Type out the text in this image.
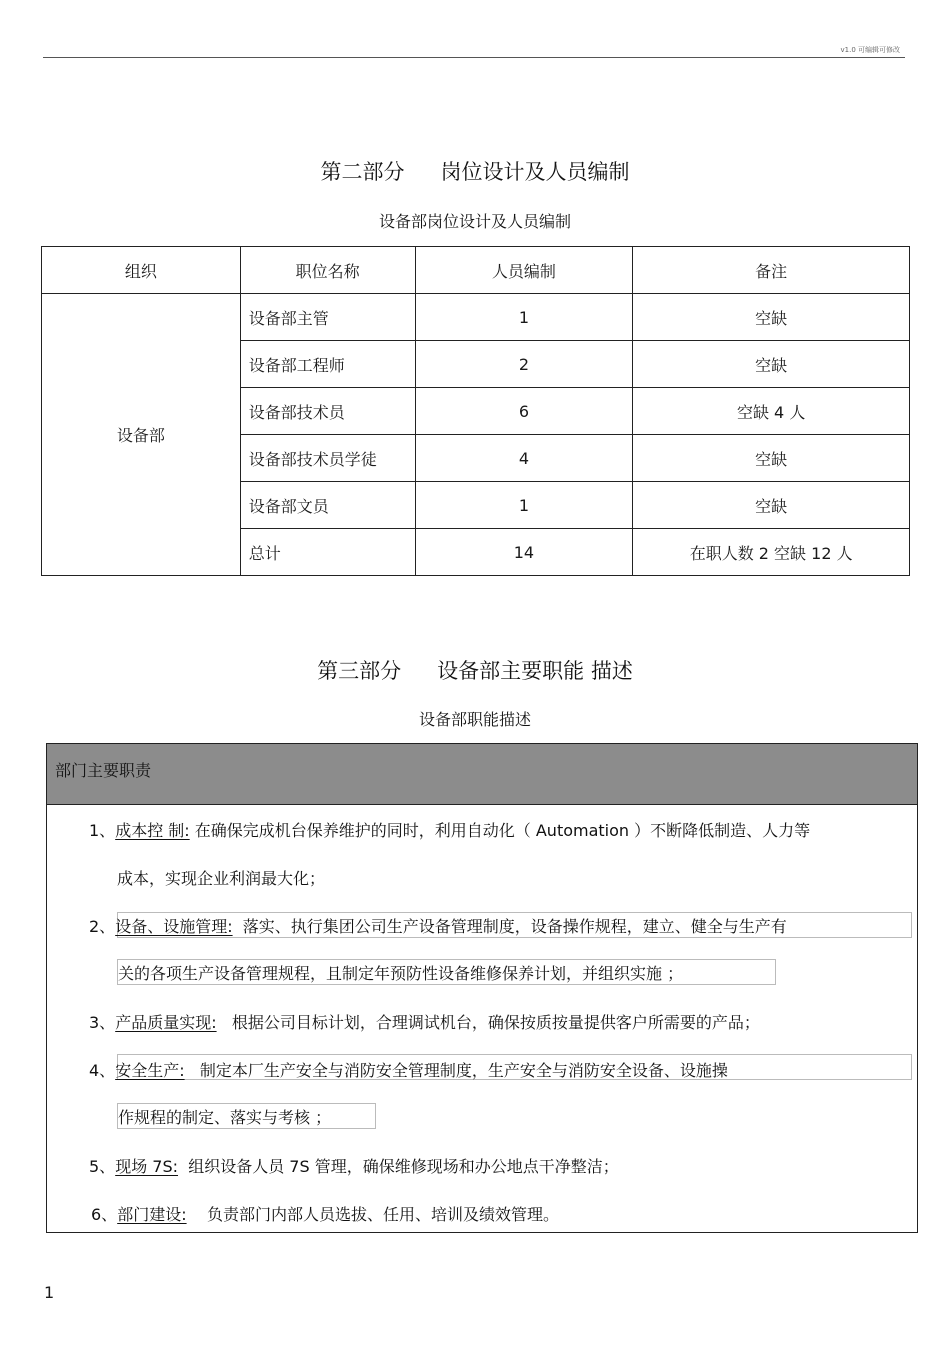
v1.0 可编辑可修改
第二部分 岗位设计及人员编制
设备部岗位设计及人员编制
组织	职位名称	人员编制	备注
设备部	设备部主管	1	空缺
	设备部工程师	2	空缺
	设备部技术员	6	空缺 4 人
	设备部技术员学徒	4	空缺
	设备部文员	1	空缺
	总计	14	在职人数 2 空缺 12 人
第三部分 设备部主要职能 描述
设备部职能描述
部门主要职责
1、成本控 制: 在确保完成机台保养维护的同时，利用自动化（ Automation ）不断降低制造、人力等
成本，实现企业利润最大化；
2、设备、设施管理: 落实、执行集团公司生产设备管理制度，设备操作规程，建立、健全与生产有
关的各项生产设备管理规程，且制定年预防性设备维修保养计划，并组织实施 ；
3、产品质量实现: 根据公司目标计划，合理调试机台，确保按质按量提供客户所需要的产品；
4、安全生产: 制定本厂生产安全与消防安全管理制度，生产安全与消防安全设备、设施操
作规程的制定、落实与考核 ；
5、现场 7S: 组织设备人员 7S 管理，确保维修现场和办公地点干净整洁；
6、部门建设: 负责部门内部人员选拔、任用、培训及绩效管理。
1
